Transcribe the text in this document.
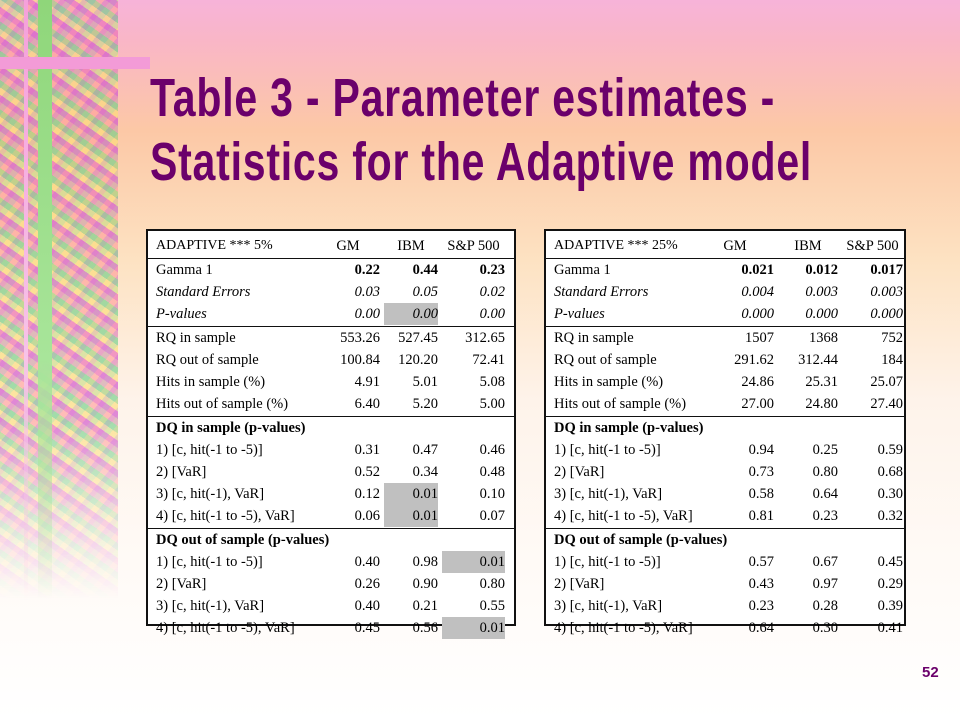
Table 3 - Parameter estimates -
Statistics for the Adaptive model
ADAPTIVE *** 5%	GM	IBM	S&P 500
Gamma 1	0.22	0.44	0.23
Standard Errors	0.03	0.05	0.02
P-values	0.00	0.00	0.00
RQ in sample	553.26	527.45	312.65
RQ out of sample	100.84	120.20	72.41
Hits in sample (%)	4.91	5.01	5.08
Hits out of sample (%)	6.40	5.20	5.00
DQ in sample (p-values)
1) [c, hit(-1 to -5)]	0.31	0.47	0.46
2) [VaR]	0.52	0.34	0.48
3) [c, hit(-1), VaR]	0.12	0.01	0.10
4) [c, hit(-1 to -5), VaR]	0.06	0.01	0.07
DQ out of sample (p-values)
1) [c, hit(-1 to -5)]	0.40	0.98	0.01
2) [VaR]	0.26	0.90	0.80
3) [c, hit(-1), VaR]	0.40	0.21	0.55
4) [c, hit(-1 to -5), VaR]	0.45	0.56	0.01
ADAPTIVE *** 25%	GM	IBM	S&P 500
Gamma 1	0.021	0.012	0.017
Standard Errors	0.004	0.003	0.003
P-values	0.000	0.000	0.000
RQ in sample	1507	1368	752
RQ out of sample	291.62	312.44	184
Hits in sample (%)	24.86	25.31	25.07
Hits out of sample (%)	27.00	24.80	27.40
DQ in sample (p-values)
1) [c, hit(-1 to -5)]	0.94	0.25	0.59
2) [VaR]	0.73	0.80	0.68
3) [c, hit(-1), VaR]	0.58	0.64	0.30
4) [c, hit(-1 to -5), VaR]	0.81	0.23	0.32
DQ out of sample (p-values)
1) [c, hit(-1 to -5)]	0.57	0.67	0.45
2) [VaR]	0.43	0.97	0.29
3) [c, hit(-1), VaR]	0.23	0.28	0.39
4) [c, hit(-1 to -5), VaR]	0.64	0.30	0.41
52
